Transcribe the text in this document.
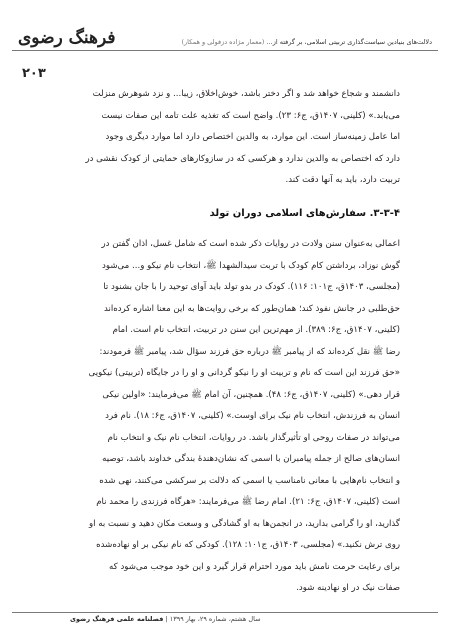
فرهنگ رضوی	دلالت‌های بنیادین سیاست‌گذاری تربیتی اسلامی، بر گرفته از... (معمار مژاده دزفولی و همکار)
۲۰۳
دانشمند و شجاع خواهد شد و اگر دختر باشد، خوش‌اخلاق، زیبا... و نزد شوهرش منزلت
می‌یابد.» (کلینی، ۱۴۰۷ق، ج۶: ۲۳). واضح است که تغذیه علت تامه این صفات نیست
اما عامل زمینه‌ساز است. این موارد، به والدین اختصاص دارد اما موارد دیگری وجود
دارد که اختصاص به والدین ندارد و هرکسی که در سازوکارهای حمایتی از کودک نقشی در
تربیت دارد، باید به آنها دقت کند.
۳-۳-۴. سفارش‌های اسلامی دوران تولد
اعمالی به‌عنوان سنن ولادت در روایات ذکر شده است که شامل غسل، اذان گفتن در
گوش نوزاد، برداشتن کام کودک با تربت سیدالشهدا ﷺ، انتخاب نام نیکو و... می‌شود
(مجلسی، ۱۴۰۳ق، ج۱۰۱: ۱۱۶). کودک در بدو تولد باید آوای توحید را با جان بشنود تا
حق‌طلبی در جانش نفوذ کند؛ همان‌طور که برخی روایت‌ها به این معنا اشاره کرده‌اند
(کلینی، ۱۴۰۷ق، ج۶: ۳۸۹). از مهم‌ترین این سنن در تربیت، انتخاب نام است. امام
رضا ﷺ نقل کرده‌اند که از پیامبر ﷺ درباره حق فرزند سؤال شد، پیامبر ﷺ فرمودند:
«حق فرزند این است که نام و تربیت او را نیکو گردانی و او را در جایگاه (تربیتی) نیکویی
قرار دهی.» (کلینی، ۱۴۰۷ق، ج۶: ۴۸). همچنین، آن امام ﷺ می‌فرمایند: «اولین نیکی
انسان به فرزندش، انتخاب نام نیک برای اوست.» (کلینی، ۱۴۰۷ق، ج۶: ۱۸). نام فرد
می‌تواند در صفات روحی او تأثیرگذار باشد. در روایات، انتخاب نام نیک و انتخاب نام
انسان‌های صالح از جمله پیامبران با اسمی که نشان‌دهندهٔ بندگی خداوند باشد، توصیه
و انتخاب نام‌هایی با معانی نامناسب یا اسمی که دلالت بر سرکشی می‌کنند، نهی شده
است (کلینی، ۱۴۰۷ق، ج۶: ۲۱). امام رضا ﷺ می‌فرمایند: «هرگاه فرزندی را محمد نام
گذارید، او را گرامی بدارید، در انجمن‌ها به او گشادگی و وسعت مکان دهید و نسبت به او
روی ترش نکنید.» (مجلسی، ۱۴۰۳ق، ج۱۰۱: ۱۲۸). کودکی که نام نیکی بر او نهاده‌شده
برای رعایت حرمت نامش باید مورد احترام قرار گیرد و این خود موجب می‌شود که
صفات نیک در او نهادینه شود.
سال هشتم، شماره ۲۹، بهار ۱۳۹۹ | فصلنامه علمی فرهنگ رضوی
